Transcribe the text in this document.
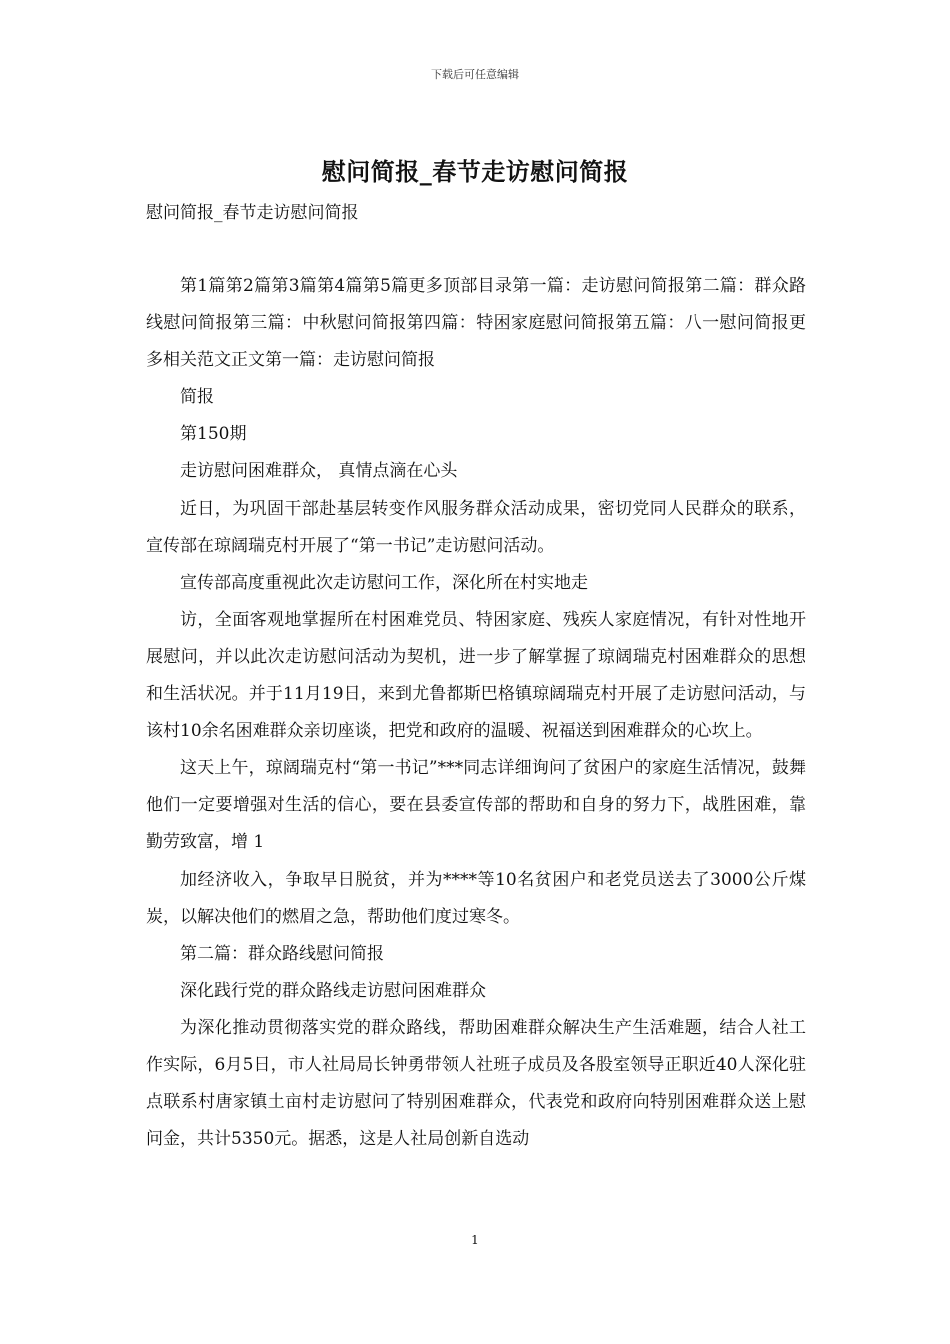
下载后可任意编辑
慰问简报_春节走访慰问简报
慰问简报_春节走访慰问简报

第1篇第2篇第3篇第4篇第5篇更多顶部目录第一篇：走访慰问简报第二篇：群众路线慰问简报第三篇：中秋慰问简报第四篇：特困家庭慰问简报第五篇：八一慰问简报更多相关范文正文第一篇：走访慰问简报

简报

第150期

走访慰问困难群众， 真情点滴在心头

近日，为巩固干部赴基层转变作风服务群众活动成果，密切党同人民群众的联系，宣传部在琼阔瑞克村开展了“第一书记”走访慰问活动。

宣传部高度重视此次走访慰问工作，深化所在村实地走

访，全面客观地掌握所在村困难党员、特困家庭、残疾人家庭情况，有针对性地开展慰问，并以此次走访慰问活动为契机，进一步了解掌握了琼阔瑞克村困难群众的思想和生活状况。并于11月19日，来到尤鲁都斯巴格镇琼阔瑞克村开展了走访慰问活动，与该村10余名困难群众亲切座谈，把党和政府的温暖、祝福送到困难群众的心坎上。

这天上午，琼阔瑞克村“第一书记”***同志详细询问了贫困户的家庭生活情况，鼓舞他们一定要增强对生活的信心，要在县委宣传部的帮助和自身的努力下，战胜困难，靠勤劳致富，增 1

加经济收入，争取早日脱贫，并为****等10名贫困户和老党员送去了3000公斤煤炭，以解决他们的燃眉之急，帮助他们度过寒冬。

第二篇：群众路线慰问简报

深化践行党的群众路线走访慰问困难群众

为深化推动贯彻落实党的群众路线，帮助困难群众解决生产生活难题，结合人社工作实际，6月5日，市人社局局长钟勇带领人社班子成员及各股室领导正职近40人深化驻点联系村唐家镇土亩村走访慰问了特别困难群众，代表党和政府向特别困难群众送上慰问金，共计5350元。据悉，这是人社局创新自选动

1
